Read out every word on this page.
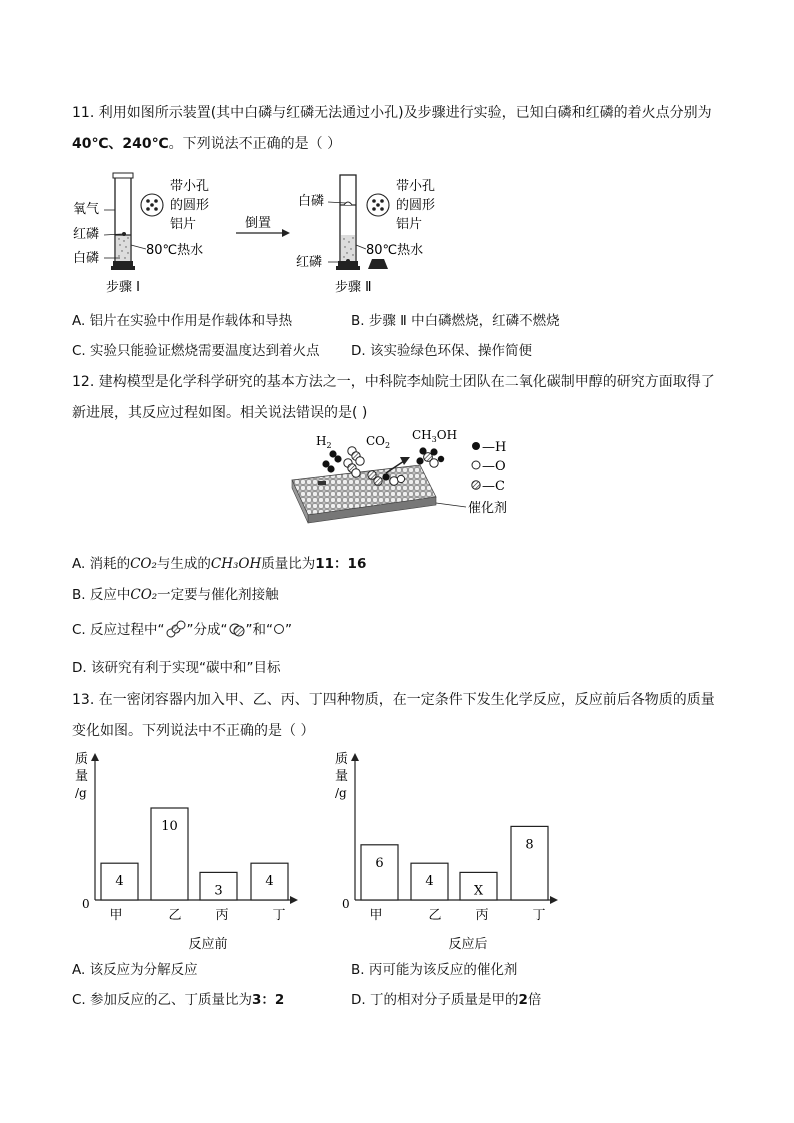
11. 利用如图所示装置(其中白磷与红磷无法通过小孔)及步骤进行实验，已知白磷和红磷的着火点分别为
40℃、240℃。下列说法不正确的是（ ）
氧气
红磷
白磷
带小孔
的圆形
铝片
80℃热水
步骤 I
倒置
白磷
红磷
带小孔
的圆形
铝片
80℃热水
步骤 Ⅱ
A. 铝片在实验中作用是作载体和导热	B. 步骤 Ⅱ 中白磷燃烧，红磷不燃烧
C. 实验只能验证燃烧需要温度达到着火点 D. 该实验绿色环保、操作简便
12. 建构模型是化学科学研究的基本方法之一，中科院李灿院士团队在二氧化碳制甲醇的研究方面取得了
新进展，其反应过程如图。相关说法错误的是( )
$H_2$	$CO_2$
$CH_3OH$
—H
—O
—C
催化剂
A. 消耗的CO₂与生成的CH₃OH质量比为11：16
B. 反应中CO₂一定要与催化剂接触
C. 反应过程中“ ”分成“ ”和“ ”
D. 该研究有利于实现“碳中和”目标
13. 在一密闭容器内加入甲、乙、丙、丁四种物质，在一定条件下发生化学反应，反应前后各物质的质量
变化如图。下列说法中不正确的是（ ）
质
量
/g
0
4
甲
10
乙
3
丙
4
丁
反应前
质
量
/g
0
6
甲
4
乙
X
丙
8
丁
反应后
A. 该反应为分解反应	B. 丙可能为该反应的催化剂
C. 参加反应的乙、丁质量比为3：2	D. 丁的相对分子质量是甲的2倍
